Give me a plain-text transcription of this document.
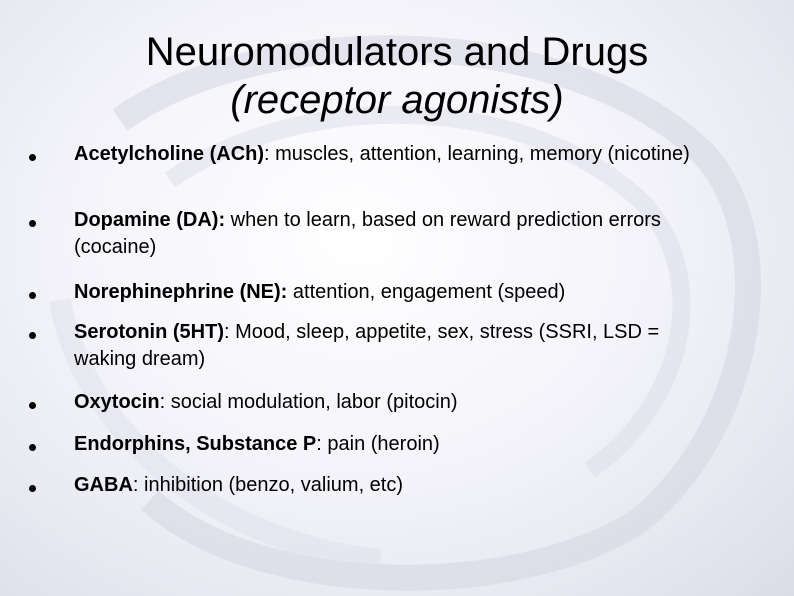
Neuromodulators and Drugs
(receptor agonists)
Acetylcholine (ACh): muscles, attention, learning, memory (nicotine)
Dopamine (DA): when to learn, based on reward prediction errors (cocaine)
Norephinephrine (NE): attention, engagement (speed)
Serotonin (5HT): Mood, sleep, appetite, sex, stress (SSRI, LSD = waking dream)
Oxytocin: social modulation, labor (pitocin)
Endorphins, Substance P: pain (heroin)
GABA: inhibition (benzo, valium, etc)
